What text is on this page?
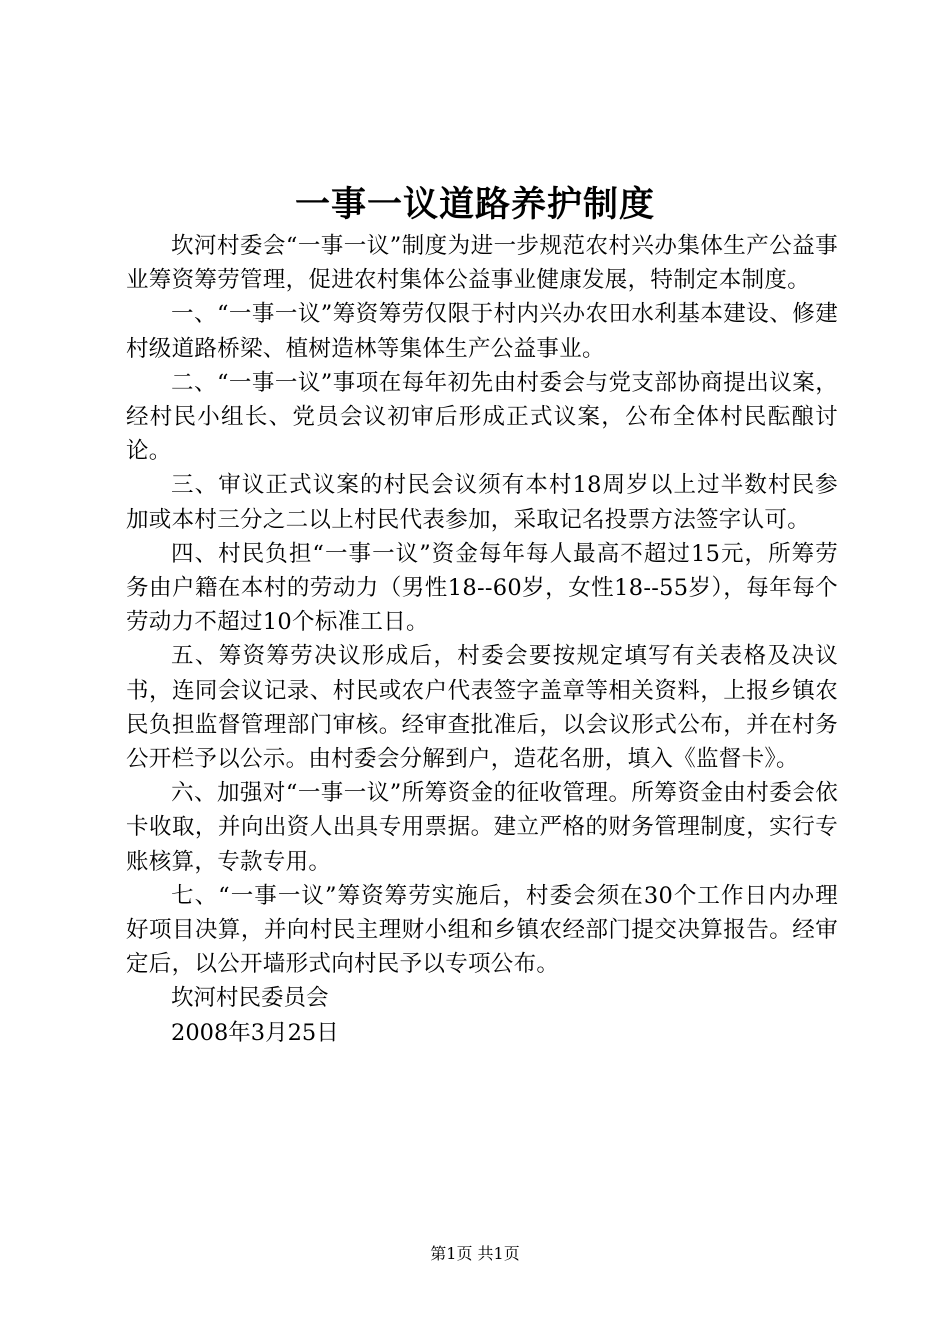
一事一议道路养护制度

坎河村委会“一事一议”制度为进一步规范农村兴办集体生产公益事业筹资筹劳管理，促进农村集体公益事业健康发展，特制定本制度。

一、“一事一议”筹资筹劳仅限于村内兴办农田水利基本建设、修建村级道路桥梁、植树造林等集体生产公益事业。

二、“一事一议”事项在每年初先由村委会与党支部协商提出议案，经村民小组长、党员会议初审后形成正式议案，公布全体村民酝酿讨论。

三、审议正式议案的村民会议须有本村18周岁以上过半数村民参加或本村三分之二以上村民代表参加，采取记名投票方法签字认可。

四、村民负担“一事一议”资金每年每人最高不超过15元，所筹劳务由户籍在本村的劳动力（男性18--60岁，女性18--55岁），每年每个劳动力不超过10个标准工日。

五、筹资筹劳决议形成后，村委会要按规定填写有关表格及决议书，连同会议记录、村民或农户代表签字盖章等相关资料，上报乡镇农民负担监督管理部门审核。经审查批准后，以会议形式公布，并在村务公开栏予以公示。由村委会分解到户，造花名册，填入《监督卡》。

六、加强对“一事一议”所筹资金的征收管理。所筹资金由村委会依卡收取，并向出资人出具专用票据。建立严格的财务管理制度，实行专账核算，专款专用。

七、“一事一议”筹资筹劳实施后，村委会须在30个工作日内办理好项目决算，并向村民主理财小组和乡镇农经部门提交决算报告。经审定后，以公开墙形式向村民予以专项公布。

坎河村民委员会

2008年3月25日

第1页 共1页
